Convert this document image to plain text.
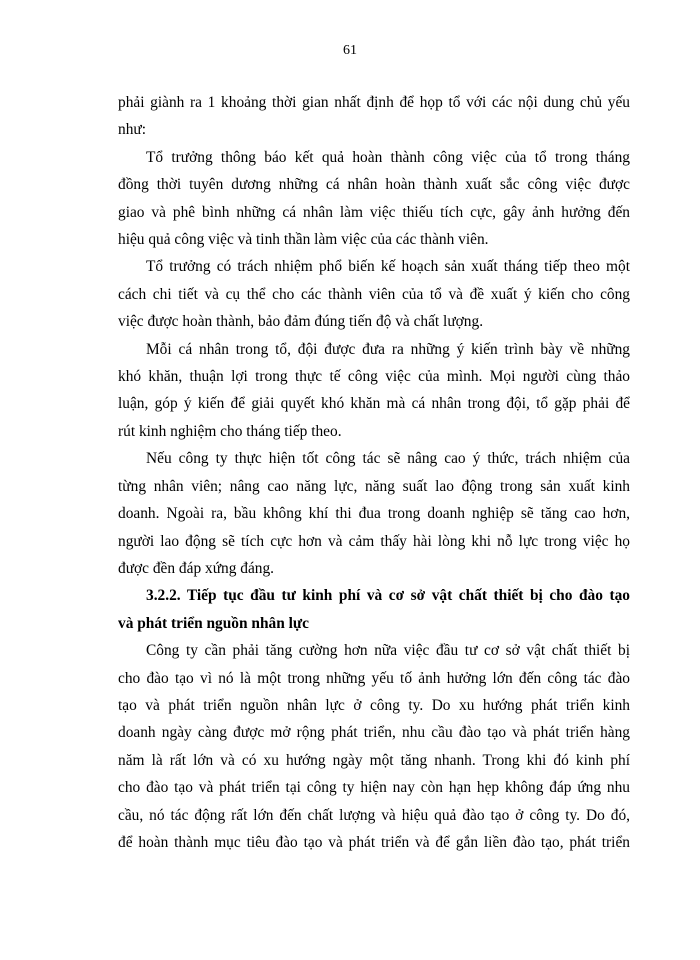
61

phải giành ra 1 khoảng thời gian nhất định để họp tổ với các nội dung chủ yếu
như:

Tổ trưởng thông báo kết quả hoàn thành công việc của tổ trong tháng
đồng thời tuyên dương những cá nhân hoàn thành xuất sắc công việc được
giao và phê bình những cá nhân làm việc thiếu tích cực, gây ảnh hưởng đến
hiệu quả công việc và tinh thần làm việc của các thành viên.

Tổ trưởng có trách nhiệm phổ biến kế hoạch sản xuất tháng tiếp theo một
cách chi tiết và cụ thể cho các thành viên của tổ và đề xuất ý kiến cho công
việc được hoàn thành, bảo đảm đúng tiến độ và chất lượng.

Mỗi cá nhân trong tổ, đội được đưa ra những ý kiến trình bày về những
khó khăn, thuận lợi trong thực tế công việc của mình. Mọi người cùng thảo
luận, góp ý kiến để giải quyết khó khăn mà cá nhân trong đội, tổ gặp phải để
rút kinh nghiệm cho tháng tiếp theo.

Nếu công ty thực hiện tốt công tác sẽ nâng cao ý thức, trách nhiệm của
từng nhân viên; nâng cao năng lực, năng suất lao động trong sản xuất kinh
doanh. Ngoài ra, bầu không khí thi đua trong doanh nghiệp sẽ tăng cao hơn,
người lao động sẽ tích cực hơn và cảm thấy hài lòng khi nỗ lực trong việc họ
được đền đáp xứng đáng.

3.2.2. Tiếp tục đầu tư kinh phí và cơ sở vật chất thiết bị cho đào tạo
và phát triển nguồn nhân lực

Công ty cần phải tăng cường hơn nữa việc đầu tư cơ sở vật chất thiết bị
cho đào tạo vì nó là một trong những yếu tố ảnh hưởng lớn đến công tác đào
tạo và phát triển nguồn nhân lực ở công ty. Do xu hướng phát triển kinh
doanh ngày càng được mở rộng phát triển, nhu cầu đào tạo và phát triển hàng
năm là rất lớn và có xu hướng ngày một tăng nhanh. Trong khi đó kinh phí
cho đào tạo và phát triển tại công ty hiện nay còn hạn hẹp không đáp ứng nhu
cầu, nó tác động rất lớn đến chất lượng và hiệu quả đào tạo ở công ty. Do đó,
để hoàn thành mục tiêu đào tạo và phát triển và để gắn liền đào tạo, phát triển
